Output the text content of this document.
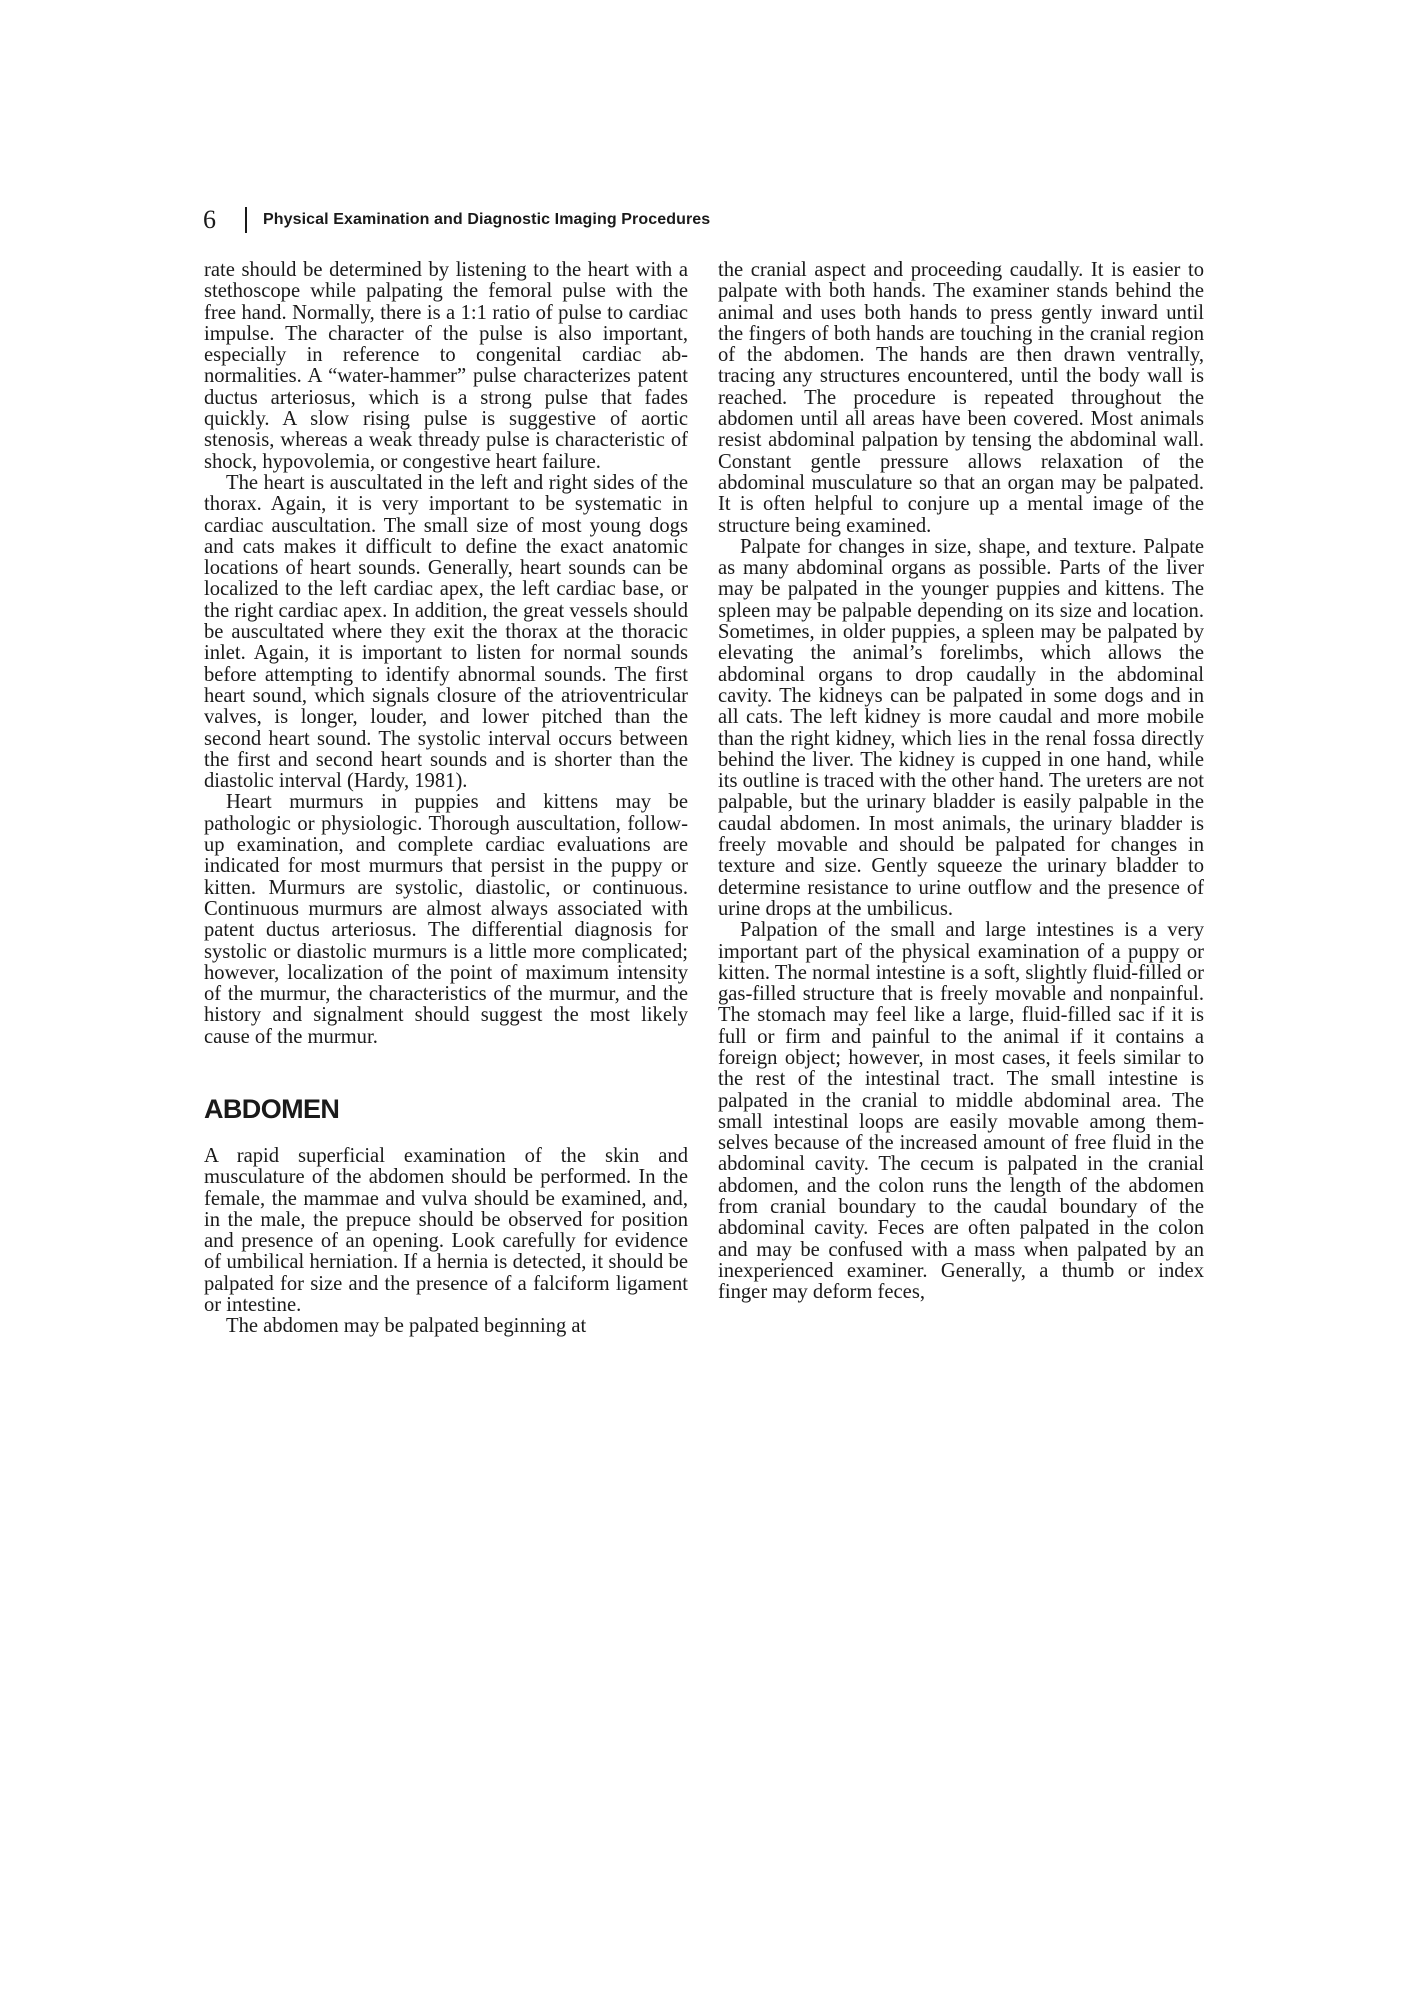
6	Physical Examination and Diagnostic Imaging Procedures

rate should be determined by listening to the heart with a stethoscope while palpating the femoral pulse with the free hand. Normally, there is a 1:1 ratio of pulse to cardiac impulse. The character of the pulse is also important, especially in reference to congenital cardiac abnormalities. A “water-hammer” pulse characterizes patent ductus arteriosus, which is a strong pulse that fades quickly. A slow rising pulse is suggestive of aortic stenosis, whereas a weak thready pulse is characteristic of shock, hypovolemia, or congestive heart failure.

The heart is auscultated in the left and right sides of the thorax. Again, it is very important to be systematic in cardiac auscultation. The small size of most young dogs and cats makes it difficult to define the exact anatomic locations of heart sounds. Generally, heart sounds can be localized to the left cardiac apex, the left cardiac base, or the right cardiac apex. In addition, the great vessels should be auscultated where they exit the thorax at the thoracic inlet. Again, it is important to listen for normal sounds before attempting to identify abnormal sounds. The first heart sound, which signals closure of the atrioventricular valves, is longer, louder, and lower pitched than the second heart sound. The systolic interval occurs between the first and second heart sounds and is shorter than the diastolic interval (Hardy, 1981).

Heart murmurs in puppies and kittens may be pathologic or physiologic. Thorough auscultation, follow-up examination, and complete cardiac evaluations are indicated for most murmurs that persist in the puppy or kitten. Murmurs are systolic, diastolic, or continuous. Continuous murmurs are almost always associated with patent ductus arteriosus. The differential diagnosis for systolic or diastolic murmurs is a little more complicated; however, localization of the point of maximum intensity of the murmur, the characteristics of the murmur, and the history and signalment should suggest the most likely cause of the murmur.

ABDOMEN

A rapid superficial examination of the skin and musculature of the abdomen should be performed. In the female, the mammae and vulva should be examined, and, in the male, the prepuce should be observed for position and presence of an opening. Look carefully for evidence of umbilical herniation. If a hernia is detected, it should be palpated for size and the presence of a falciform ligament or intestine.

The abdomen may be palpated beginning at

the cranial aspect and proceeding caudally. It is easier to palpate with both hands. The examiner stands behind the animal and uses both hands to press gently inward until the fingers of both hands are touching in the cranial region of the abdomen. The hands are then drawn ventrally, tracing any structures encountered, until the body wall is reached. The procedure is repeated throughout the abdomen until all areas have been covered. Most animals resist abdominal palpation by tensing the abdominal wall. Constant gentle pressure allows relaxation of the abdominal musculature so that an organ may be palpated. It is often helpful to conjure up a mental image of the structure being examined.

Palpate for changes in size, shape, and texture. Palpate as many abdominal organs as possible. Parts of the liver may be palpated in the younger puppies and kittens. The spleen may be palpable depending on its size and location. Sometimes, in older puppies, a spleen may be palpated by elevating the animal’s forelimbs, which allows the abdominal organs to drop caudally in the abdominal cavity. The kidneys can be palpated in some dogs and in all cats. The left kidney is more caudal and more mobile than the right kidney, which lies in the renal fossa directly behind the liver. The kidney is cupped in one hand, while its outline is traced with the other hand. The ureters are not palpable, but the urinary bladder is easily palpable in the caudal abdomen. In most animals, the urinary bladder is freely movable and should be palpated for changes in texture and size. Gently squeeze the urinary bladder to determine resistance to urine outflow and the presence of urine drops at the umbilicus.

Palpation of the small and large intestines is a very important part of the physical examination of a puppy or kitten. The normal intestine is a soft, slightly fluid-filled or gas-filled structure that is freely movable and nonpainful. The stomach may feel like a large, fluid-filled sac if it is full or firm and painful to the animal if it contains a foreign object; however, in most cases, it feels similar to the rest of the intestinal tract. The small intestine is palpated in the cranial to middle abdominal area. The small intestinal loops are easily movable among themselves because of the increased amount of free fluid in the abdominal cavity. The cecum is palpated in the cranial abdomen, and the colon runs the length of the abdomen from cranial boundary to the caudal boundary of the abdominal cavity. Feces are often palpated in the colon and may be confused with a mass when palpated by an inexperienced examiner. Generally, a thumb or index finger may deform feces,
